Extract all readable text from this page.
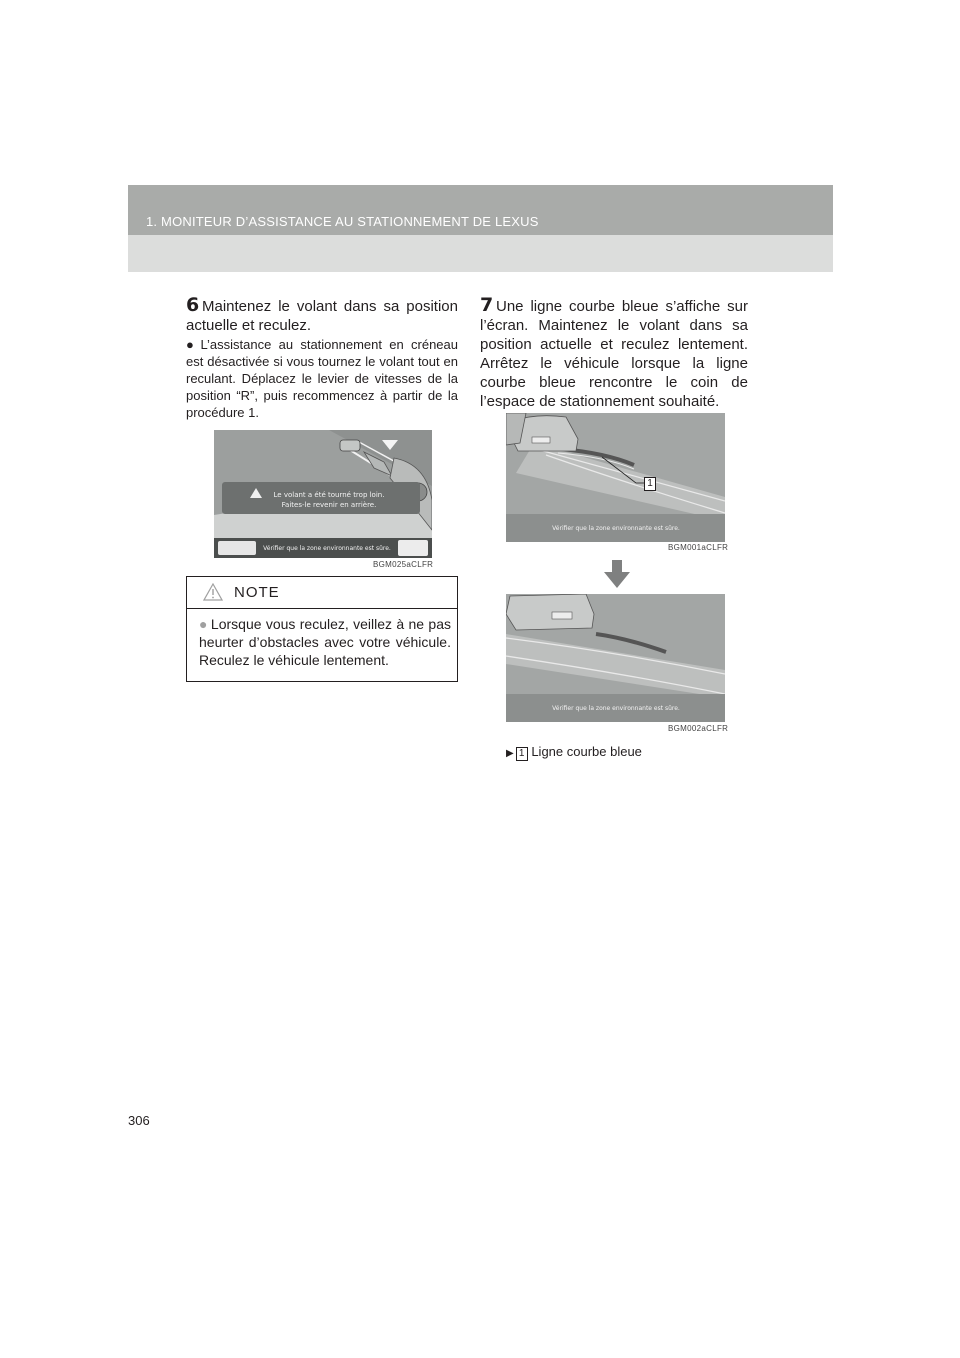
1. MONITEUR D’ASSISTANCE AU STATIONNEMENT DE LEXUS
6 Maintenez le volant dans sa position actuelle et reculez.
● L’assistance au stationnement en créneau est désactivée si vous tournez le volant tout en reculant. Déplacez le levier de vitesses de la position “R”, puis recommencez à partir de la procédure 1.
Le volant a été tourné trop loin.
Faites-le revenir en arrière.
Vérifier que la zone environnante est sûre.
BGM025aCLFR
NOTE
● Lorsque vous reculez, veillez à ne pas heurter d’obstacles avec votre véhicule. Reculez le véhicule lentement.
7 Une ligne courbe bleue s’affiche sur l’écran. Maintenez le volant dans sa position actuelle et reculez lentement. Arrêtez le véhicule lorsque la ligne courbe bleue rencontre le coin de l’espace de stationnement souhaité.
1
Vérifier que la zone environnante est sûre.
BGM001aCLFR
Vérifier que la zone environnante est sûre.
BGM002aCLFR
▶ 1 Ligne courbe bleue
306
